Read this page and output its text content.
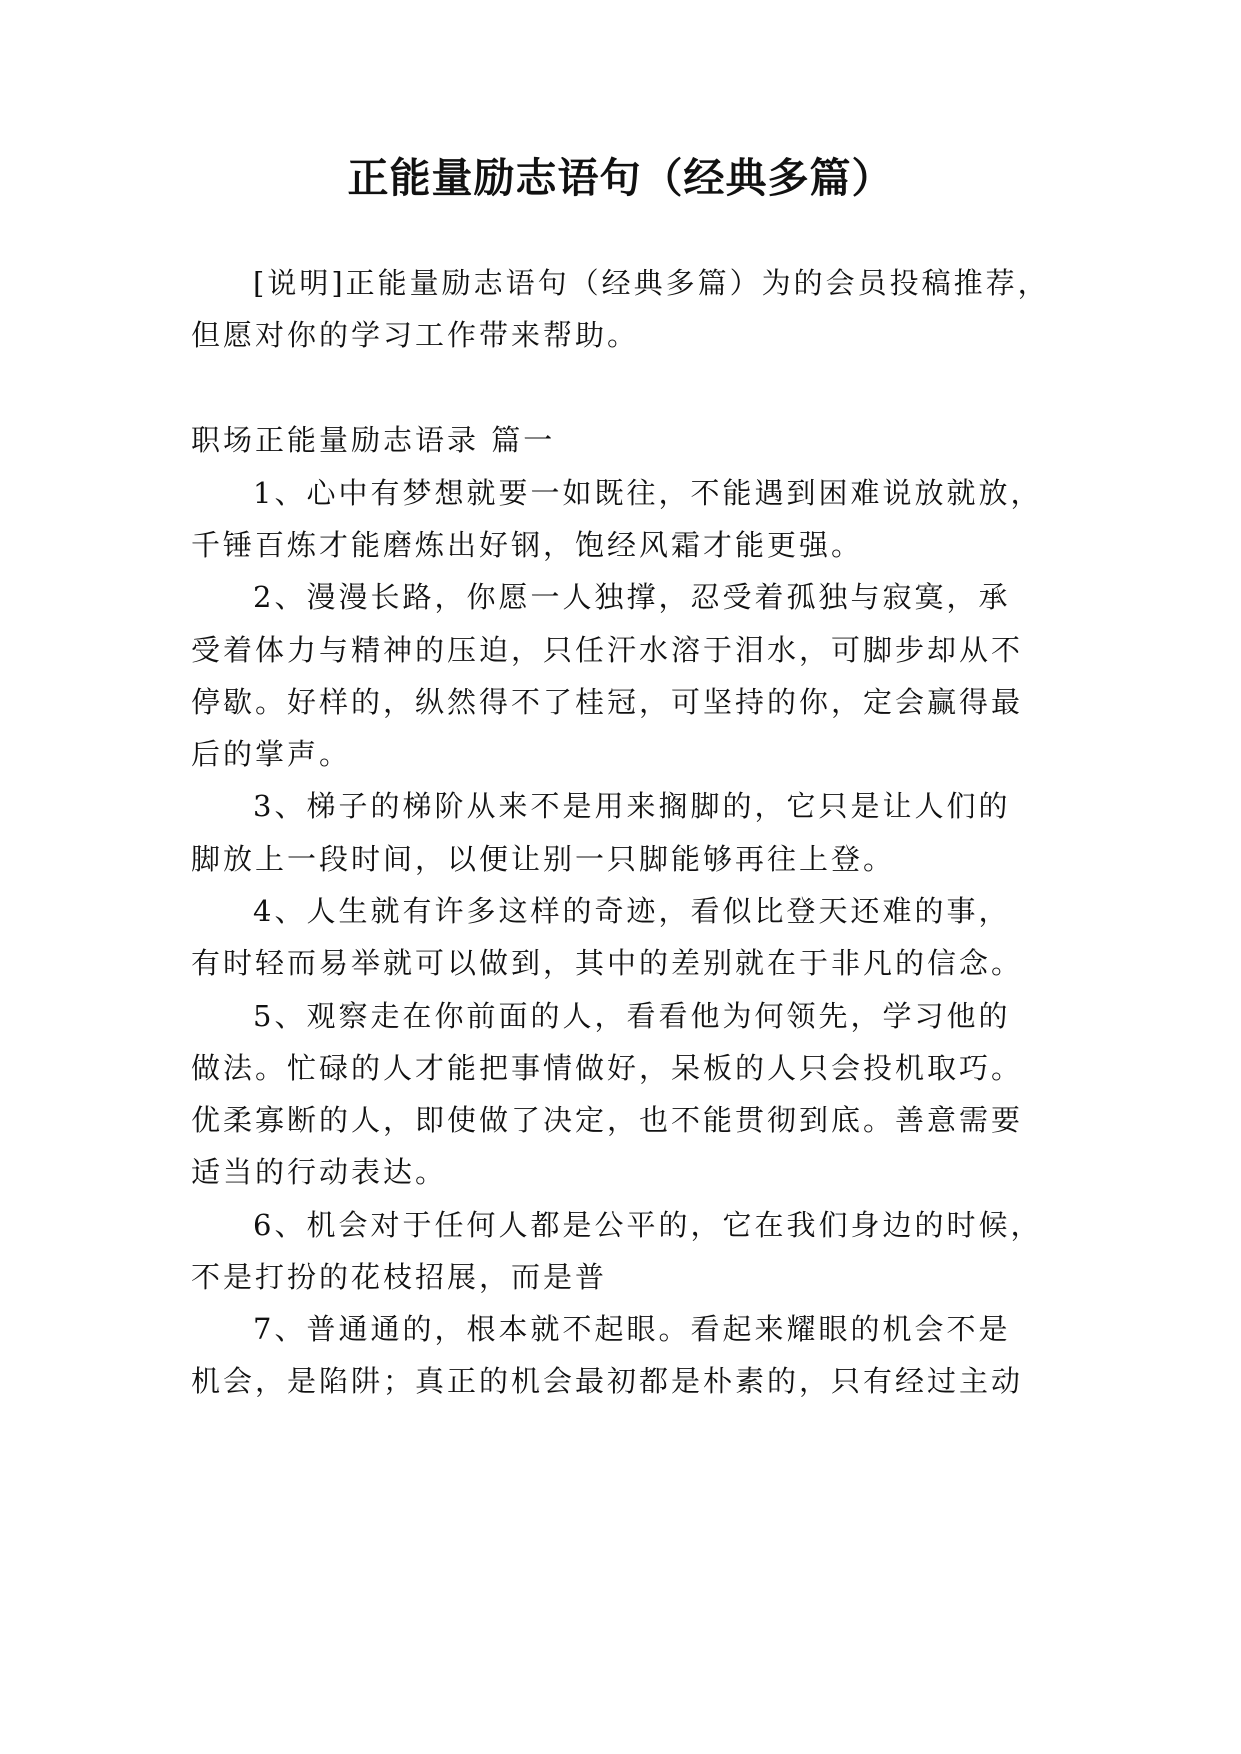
正能量励志语句（经典多篇）
[说明]正能量励志语句（经典多篇）为的会员投稿推荐，
但愿对你的学习工作带来帮助。
职场正能量励志语录 篇一
1、心中有梦想就要一如既往，不能遇到困难说放就放，
千锤百炼才能磨炼出好钢，饱经风霜才能更强。
2、漫漫长路，你愿一人独撑，忍受着孤独与寂寞，承
受着体力与精神的压迫，只任汗水溶于泪水，可脚步却从不
停歇。好样的，纵然得不了桂冠，可坚持的你，定会赢得最
后的掌声。
3、梯子的梯阶从来不是用来搁脚的，它只是让人们的
脚放上一段时间，以便让别一只脚能够再往上登。
4、人生就有许多这样的奇迹，看似比登天还难的事，
有时轻而易举就可以做到，其中的差别就在于非凡的信念。
5、观察走在你前面的人，看看他为何领先，学习他的
做法。忙碌的人才能把事情做好，呆板的人只会投机取巧。
优柔寡断的人，即使做了决定，也不能贯彻到底。善意需要
适当的行动表达。
6、机会对于任何人都是公平的，它在我们身边的时候，
不是打扮的花枝招展，而是普
7、普通通的，根本就不起眼。看起来耀眼的机会不是
机会，是陷阱；真正的机会最初都是朴素的，只有经过主动
